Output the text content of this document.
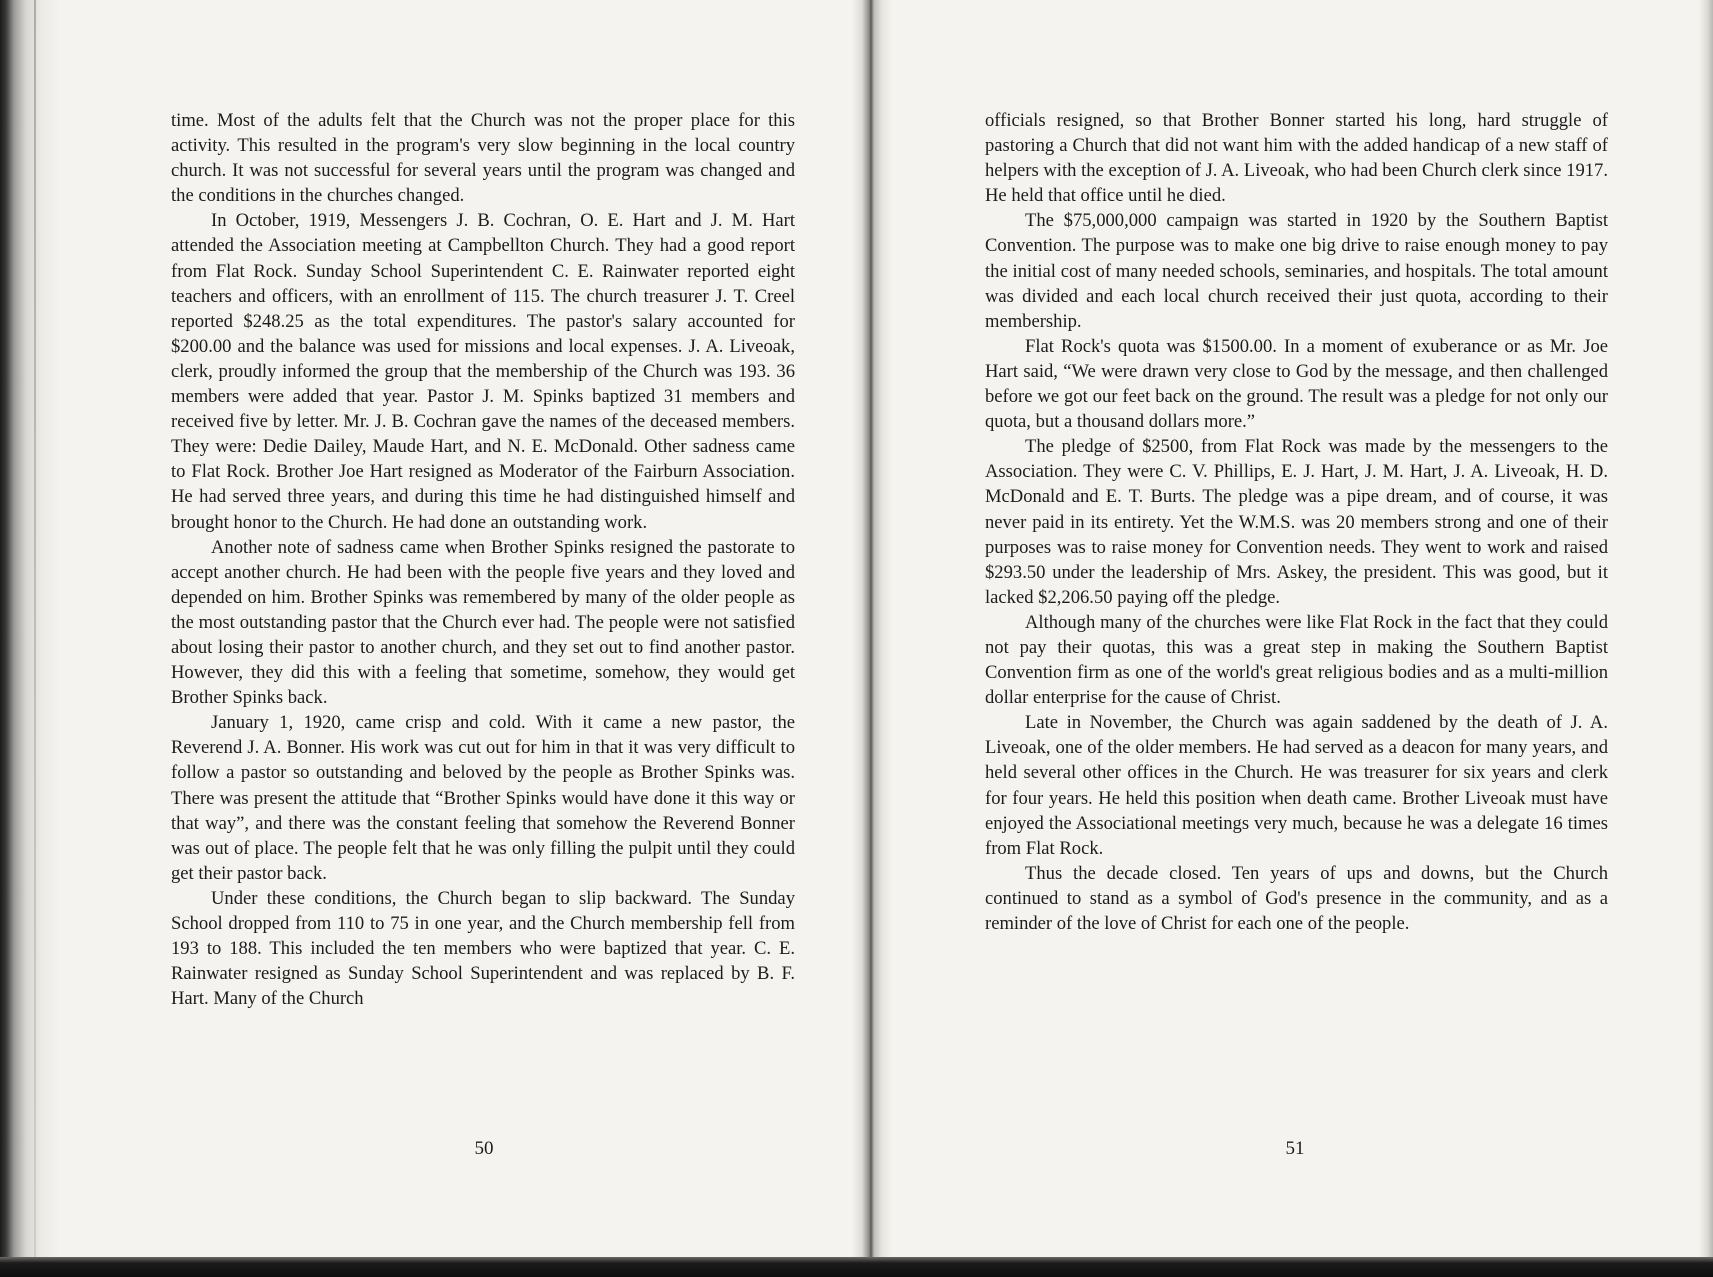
time. Most of the adults felt that the Church was not the proper place for this activity. This resulted in the program's very slow beginning in the local country church. It was not successful for several years until the program was changed and the conditions in the churches changed.

In October, 1919, Messengers J. B. Cochran, O. E. Hart and J. M. Hart attended the Association meeting at Campbellton Church. They had a good report from Flat Rock. Sunday School Superintendent C. E. Rainwater reported eight teachers and officers, with an enrollment of 115. The church treasurer J. T. Creel reported $248.25 as the total expenditures. The pastor's salary accounted for $200.00 and the balance was used for missions and local expenses. J. A. Liveoak, clerk, proudly informed the group that the membership of the Church was 193. 36 members were added that year. Pastor J. M. Spinks baptized 31 members and received five by letter. Mr. J. B. Cochran gave the names of the deceased members. They were: Dedie Dailey, Maude Hart, and N. E. McDonald. Other sadness came to Flat Rock. Brother Joe Hart resigned as Moderator of the Fairburn Association. He had served three years, and during this time he had distinguished himself and brought honor to the Church. He had done an outstanding work.

Another note of sadness came when Brother Spinks resigned the pastorate to accept another church. He had been with the people five years and they loved and depended on him. Brother Spinks was remembered by many of the older people as the most outstanding pastor that the Church ever had. The people were not satisfied about losing their pastor to another church, and they set out to find another pastor. However, they did this with a feeling that sometime, somehow, they would get Brother Spinks back.

January 1, 1920, came crisp and cold. With it came a new pastor, the Reverend J. A. Bonner. His work was cut out for him in that it was very difficult to follow a pastor so outstanding and beloved by the people as Brother Spinks was. There was present the attitude that “Brother Spinks would have done it this way or that way”, and there was the constant feeling that somehow the Reverend Bonner was out of place. The people felt that he was only filling the pulpit until they could get their pastor back.

Under these conditions, the Church began to slip backward. The Sunday School dropped from 110 to 75 in one year, and the Church membership fell from 193 to 188. This included the ten members who were baptized that year. C. E. Rainwater resigned as Sunday School Superintendent and was replaced by B. F. Hart. Many of the Church

50

officials resigned, so that Brother Bonner started his long, hard struggle of pastoring a Church that did not want him with the added handicap of a new staff of helpers with the exception of J. A. Liveoak, who had been Church clerk since 1917. He held that office until he died.

The $75,000,000 campaign was started in 1920 by the Southern Baptist Convention. The purpose was to make one big drive to raise enough money to pay the initial cost of many needed schools, seminaries, and hospitals. The total amount was divided and each local church received their just quota, according to their membership.

Flat Rock's quota was $1500.00. In a moment of exuberance or as Mr. Joe Hart said, “We were drawn very close to God by the message, and then challenged before we got our feet back on the ground. The result was a pledge for not only our quota, but a thousand dollars more.”

The pledge of $2500, from Flat Rock was made by the messengers to the Association. They were C. V. Phillips, E. J. Hart, J. M. Hart, J. A. Liveoak, H. D. McDonald and E. T. Burts. The pledge was a pipe dream, and of course, it was never paid in its entirety. Yet the W.M.S. was 20 members strong and one of their purposes was to raise money for Convention needs. They went to work and raised $293.50 under the leadership of Mrs. Askey, the president. This was good, but it lacked $2,206.50 paying off the pledge.

Although many of the churches were like Flat Rock in the fact that they could not pay their quotas, this was a great step in making the Southern Baptist Convention firm as one of the world's great religious bodies and as a multi-million dollar enterprise for the cause of Christ.

Late in November, the Church was again saddened by the death of J. A. Liveoak, one of the older members. He had served as a deacon for many years, and held several other offices in the Church. He was treasurer for six years and clerk for four years. He held this position when death came. Brother Liveoak must have enjoyed the Associational meetings very much, because he was a delegate 16 times from Flat Rock.

Thus the decade closed. Ten years of ups and downs, but the Church continued to stand as a symbol of God's presence in the community, and as a reminder of the love of Christ for each one of the people.

51
